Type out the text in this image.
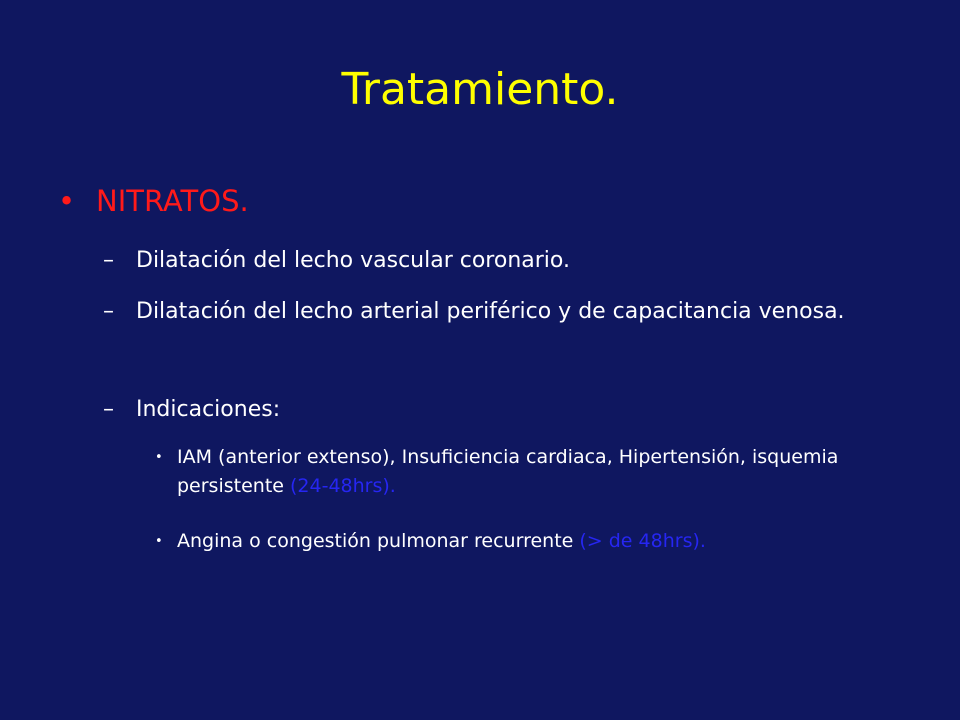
Tratamiento.
• NITRATOS.
–	Dilatación del lecho vascular coronario.
–	Dilatación del lecho arterial periférico y de capacitancia venosa.
–	Indicaciones:
• IAM (anterior extenso), Insuficiencia cardiaca, Hipertensión, isquemia persistente (24-48hrs).
• Angina o congestión pulmonar recurrente (> de 48hrs).
